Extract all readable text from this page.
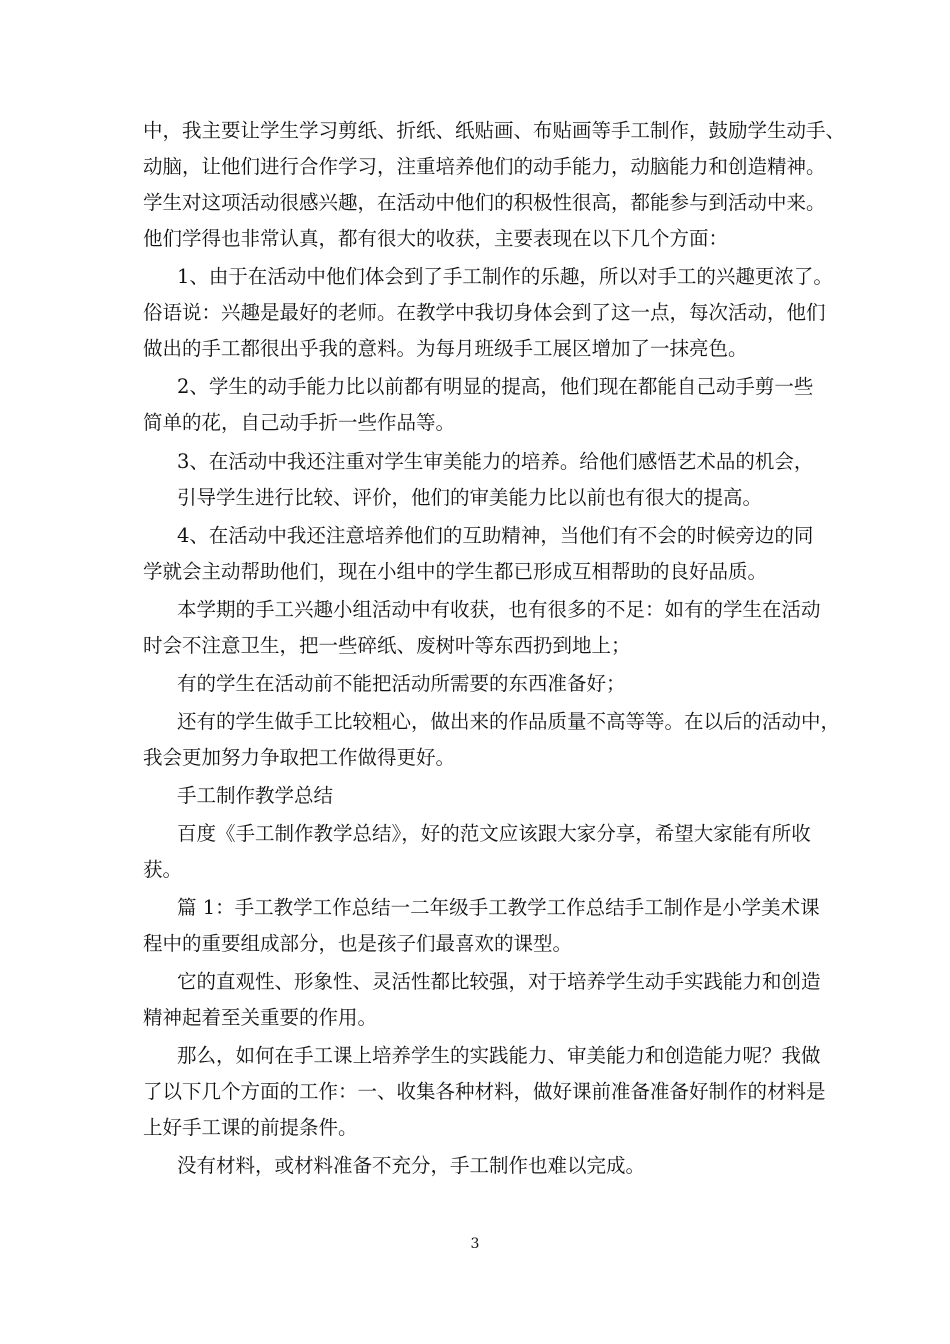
中，我主要让学生学习剪纸、折纸、纸贴画、布贴画等手工制作，鼓励学生动手、
动脑，让他们进行合作学习，注重培养他们的动手能力，动脑能力和创造精神。
学生对这项活动很感兴趣，在活动中他们的积极性很高，都能参与到活动中来。
他们学得也非常认真，都有很大的收获，主要表现在以下几个方面：
1、由于在活动中他们体会到了手工制作的乐趣，所以对手工的兴趣更浓了。
俗语说：兴趣是最好的老师。在教学中我切身体会到了这一点，每次活动，他们
做出的手工都很出乎我的意料。为每月班级手工展区增加了一抹亮色。
2、学生的动手能力比以前都有明显的提高，他们现在都能自己动手剪一些
简单的花，自己动手折一些作品等。
3、在活动中我还注重对学生审美能力的培养。给他们感悟艺术品的机会，
引导学生进行比较、评价，他们的审美能力比以前也有很大的提高。
4、在活动中我还注意培养他们的互助精神，当他们有不会的时候旁边的同
学就会主动帮助他们，现在小组中的学生都已形成互相帮助的良好品质。
本学期的手工兴趣小组活动中有收获，也有很多的不足：如有的学生在活动
时会不注意卫生，把一些碎纸、废树叶等东西扔到地上；
有的学生在活动前不能把活动所需要的东西准备好；
还有的学生做手工比较粗心，做出来的作品质量不高等等。在以后的活动中，
我会更加努力争取把工作做得更好。
手工制作教学总结
百度《手工制作教学总结》，好的范文应该跟大家分享，希望大家能有所收
获。
篇 1：手工教学工作总结一二年级手工教学工作总结手工制作是小学美术课
程中的重要组成部分，也是孩子们最喜欢的课型。
它的直观性、形象性、灵活性都比较强，对于培养学生动手实践能力和创造
精神起着至关重要的作用。
那么，如何在手工课上培养学生的实践能力、审美能力和创造能力呢？我做
了以下几个方面的工作：一、收集各种材料，做好课前准备准备好制作的材料是
上好手工课的前提条件。
没有材料，或材料准备不充分，手工制作也难以完成。
3
